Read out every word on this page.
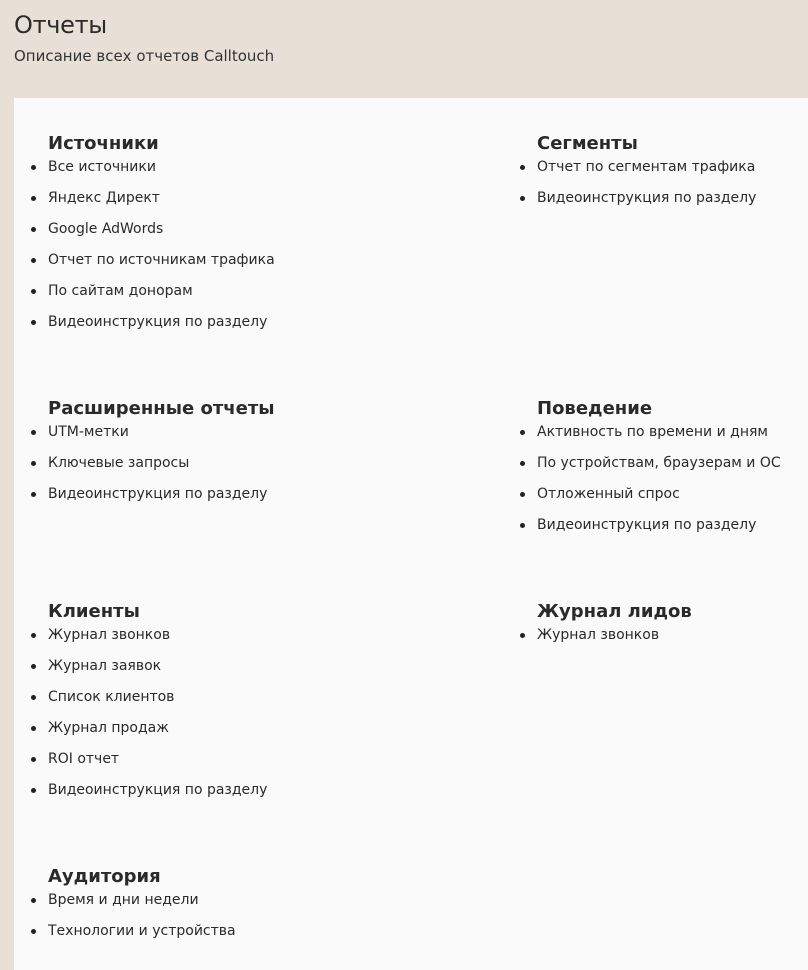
Отчеты
Описание всех отчетов Calltouch
Источники
Все источники
Яндекс Директ
Google AdWords
Отчет по источникам трафика
По сайтам донорам
Видеоинструкция по разделу
Сегменты
Отчет по сегментам трафика
Видеоинструкция по разделу
Расширенные отчеты
UTM-метки
Ключевые запросы
Видеоинструкция по разделу
Поведение
Активность по времени и дням
По устройствам, браузерам и ОС
Отложенный спрос
Видеоинструкция по разделу
Клиенты
Журнал звонков
Журнал заявок
Список клиентов
Журнал продаж
ROI отчет
Видеоинструкция по разделу
Журнал лидов
Журнал звонков
Аудитория
Время и дни недели
Технологии и устройства
